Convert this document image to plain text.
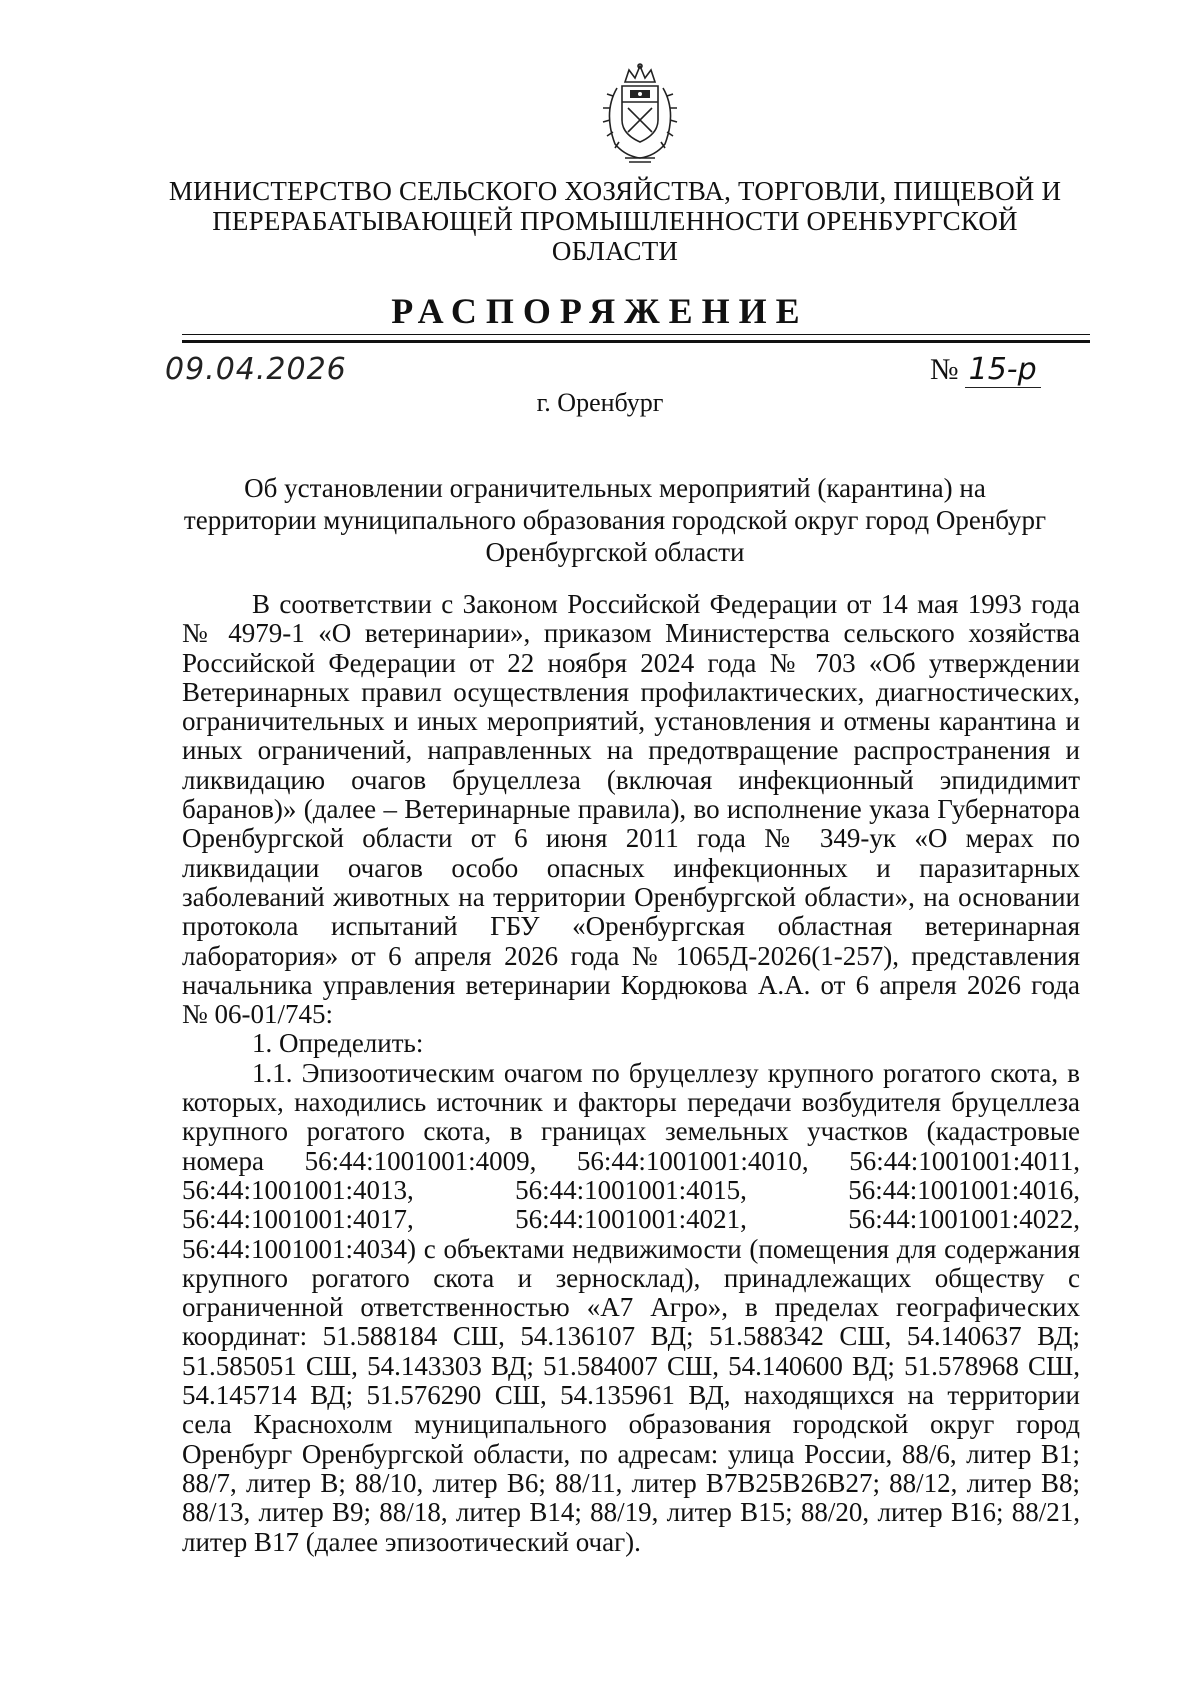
МИНИСТЕРСТВО СЕЛЬСКОГО ХОЗЯЙСТВА, ТОРГОВЛИ, ПИЩЕВОЙ И
ПЕРЕРАБАТЫВАЮЩЕЙ ПРОМЫШЛЕННОСТИ ОРЕНБУРГСКОЙ
ОБЛАСТИ
РАСПОРЯЖЕНИЕ
09.04.2026	№ 15-р
г. Оренбург
Об установлении ограничительных мероприятий (карантина) на
территории муниципального образования городской округ город Оренбург
Оренбургской области

В соответствии с Законом Российской Федерации от 14 мая 1993 года № 4979-1 «О ветеринарии», приказом Министерства сельского хозяйства Российской Федерации от 22 ноября 2024 года № 703 «Об утверждении Ветеринарных правил осуществления профилактических, диагностических, ограничительных и иных мероприятий, установления и отмены карантина и иных ограничений, направленных на предотвращение распространения и ликвидацию очагов бруцеллеза (включая инфекционный эпидидимит баранов)» (далее – Ветеринарные правила), во исполнение указа Губернатора Оренбургской области от 6 июня 2011 года № 349-ук «О мерах по ликвидации очагов особо опасных инфекционных и паразитарных заболеваний животных на территории Оренбургской области», на основании протокола испытаний ГБУ «Оренбургская областная ветеринарная лаборатория» от 6 апреля 2026 года № 1065Д-2026(1-257), представления начальника управления ветеринарии Кордюкова А.А. от 6 апреля 2026 года № 06-01/745:

1. Определить:

1.1. Эпизоотическим очагом по бруцеллезу крупного рогатого скота, в которых, находились источник и факторы передачи возбудителя бруцеллеза крупного рогатого скота, в границах земельных участков (кадастровые номера 56:44:1001001:4009, 56:44:1001001:4010, 56:44:1001001:4011, 56:44:1001001:4013, 56:44:1001001:4015, 56:44:1001001:4016, 56:44:1001001:4017, 56:44:1001001:4021, 56:44:1001001:4022, 56:44:1001001:4034) с объектами недвижимости (помещения для содержания крупного рогатого скота и зерносклад), принадлежащих обществу с ограниченной ответственностью «А7 Агро», в пределах географических координат: 51.588184 СШ, 54.136107 ВД; 51.588342 СШ, 54.140637 ВД; 51.585051 СШ, 54.143303 ВД; 51.584007 СШ, 54.140600 ВД; 51.578968 СШ, 54.145714 ВД; 51.576290 СШ, 54.135961 ВД, находящихся на территории села Краснохолм муниципального образования городской округ город Оренбург Оренбургской области, по адресам: улица России, 88/6, литер В1; 88/7, литер В; 88/10, литер В6; 88/11, литер В7В25В26В27; 88/12, литер В8; 88/13, литер В9; 88/18, литер В14; 88/19, литер В15; 88/20, литер В16; 88/21, литер В17 (далее эпизоотический очаг).
